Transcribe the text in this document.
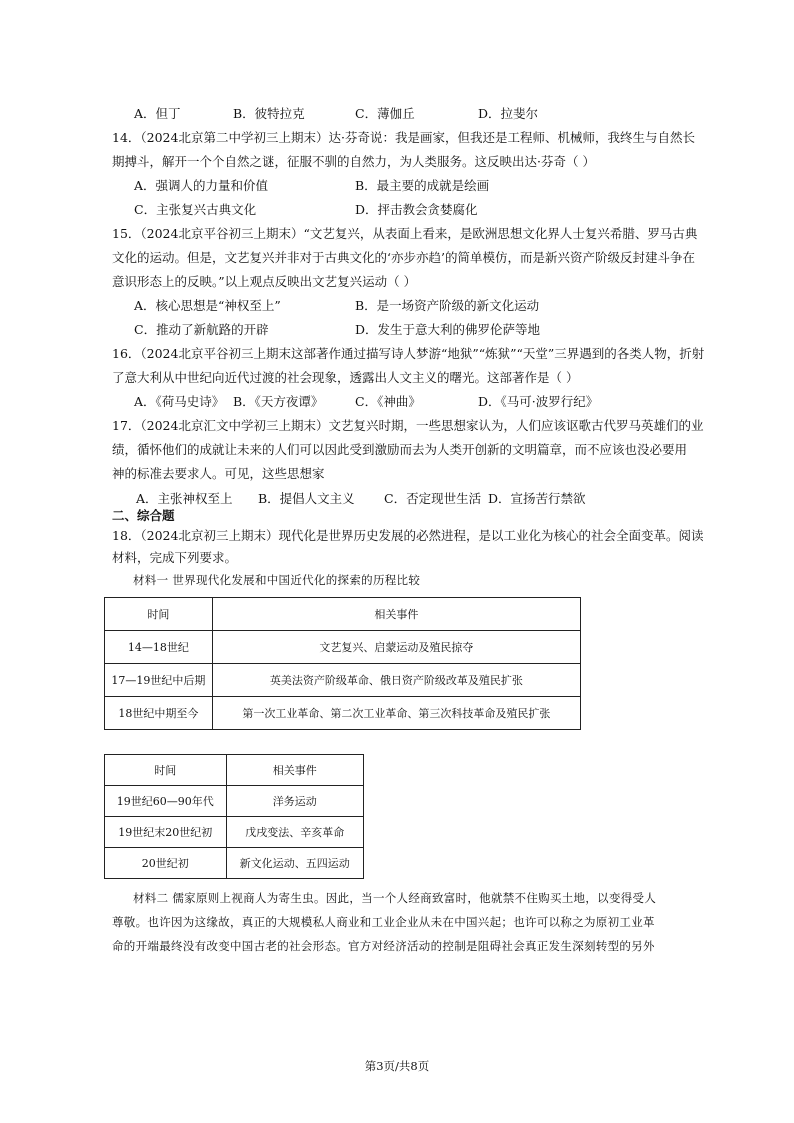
A．但丁	B．彼特拉克	C．薄伽丘	D．拉斐尔
14．（2024北京第二中学初三上期末）达·芬奇说：我是画家，但我还是工程师、机械师，我终生与自然长
期搏斗，解开一个个自然之谜，征服不驯的自然力，为人类服务。这反映出达·芬奇（ ）
A．强调人的力量和价值	B．最主要的成就是绘画
C．主张复兴古典文化	D．抨击教会贪婪腐化
15．（2024北京平谷初三上期末）“文艺复兴，从表面上看来，是欧洲思想文化界人士复兴希腊、罗马古典
文化的运动。但是，文艺复兴并非对于古典文化的‘亦步亦趋’的简单模仿，而是新兴资产阶级反封建斗争在
意识形态上的反映。”以上观点反映出文艺复兴运动（ ）
A．核心思想是“神权至上”	B．是一场资产阶级的新文化运动
C．推动了新航路的开辟	D．发生于意大利的佛罗伦萨等地
16．（2024北京平谷初三上期末这部著作通过描写诗人梦游“地狱”“炼狱”“天堂”三界遇到的各类人物，折射
了意大利从中世纪向近代过渡的社会现象，透露出人文主义的曙光。这部著作是（ ）
A．《荷马史诗》 B．《天方夜谭》	C．《神曲》	D．《马可·波罗行纪》
17．（2024北京汇文中学初三上期末）文艺复兴时期，一些思想家认为，人们应该讴歌古代罗马英雄们的业
绩，循怀他们的成就让未来的人们可以因此受到激励而去为人类开创新的文明篇章，而不应该也没必要用
神的标准去要求人。可见，这些思想家
A．主张神权至上 B．提倡人文主义 C．否定现世生活 D．宣扬苦行禁欲
二、综合题
18．（2024北京初三上期末）现代化是世界历史发展的必然进程，是以工业化为核心的社会全面变革。阅读
材料，完成下列要求。
材料一 世界现代化发展和中国近代化的探索的历程比较
时间	相关事件
14—18世纪	文艺复兴、启蒙运动及殖民掠夺
17—19世纪中后期	英美法资产阶级革命、俄日资产阶级改革及殖民扩张
18世纪中期至今	第一次工业革命、第二次工业革命、第三次科技革命及殖民扩张
时间	相关事件
19世纪60—90年代	洋务运动
19世纪末20世纪初	戊戌变法、辛亥革命
20世纪初	新文化运动、五四运动
材料二 儒家原则上视商人为寄生虫。因此，当一个人经商致富时，他就禁不住购买土地，以变得受人
尊敬。也许因为这缘故，真正的大规模私人商业和工业企业从未在中国兴起；也许可以称之为原初工业革
命的开端最终没有改变中国古老的社会形态。官方对经济活动的控制是阻碍社会真正发生深刻转型的另外
第3页/共8页
